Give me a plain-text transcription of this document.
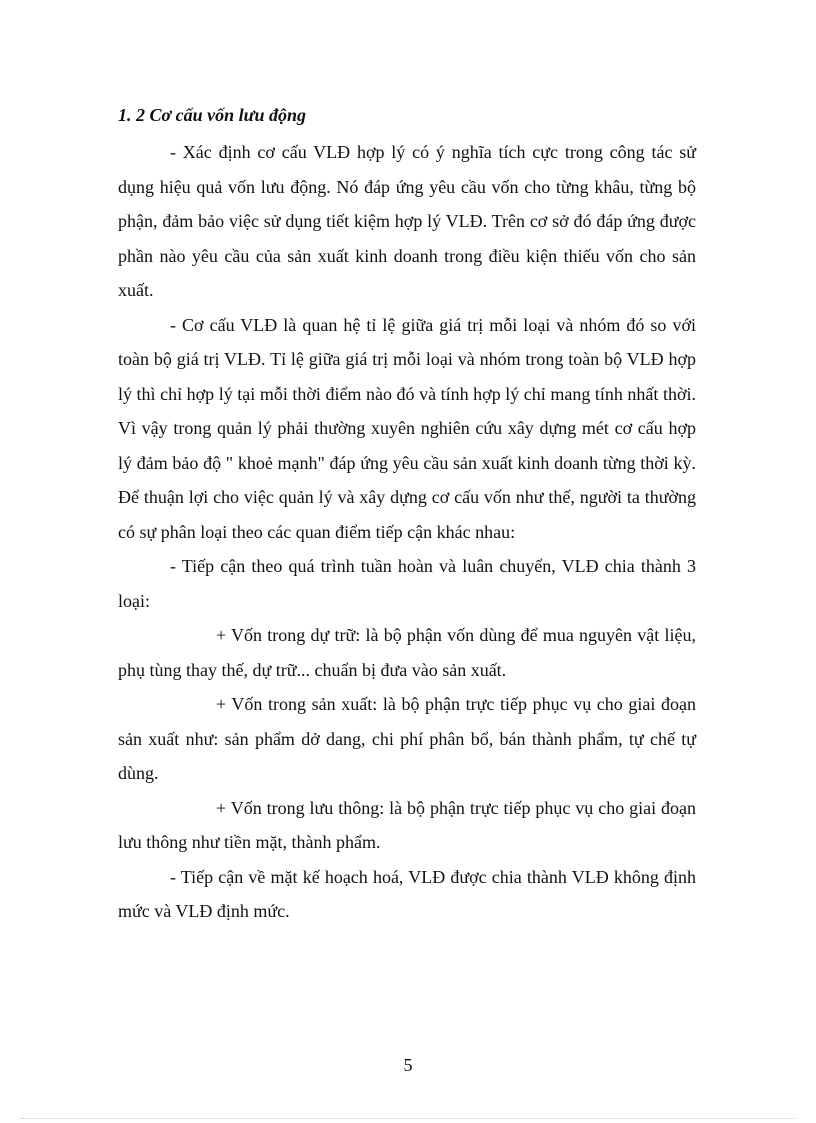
1. 2 Cơ cấu vốn lưu động

- Xác định cơ cấu VLĐ hợp lý có ý nghĩa tích cực trong công tác sử dụng hiệu quả vốn lưu động. Nó đáp ứng yêu cầu vốn cho từng khâu, từng bộ phận, đảm bảo việc sử dụng tiết kiệm hợp lý VLĐ. Trên cơ sở đó đáp ứng được phần nào yêu cầu của sản xuất kinh doanh trong điều kiện thiếu vốn cho sản xuất.

- Cơ cấu VLĐ là quan hệ tỉ lệ giữa giá trị mỗi loại và nhóm đó so với toàn bộ giá trị VLĐ. Tỉ lệ giữa giá trị mỗi loại và nhóm trong toàn bộ VLĐ hợp lý thì chỉ hợp lý tại mỗi thời điểm nào đó và tính hợp lý chỉ mang tính nhất thời. Vì vậy trong quản lý phải thường xuyên nghiên cứu xây dựng mét cơ cấu hợp lý đảm bảo độ " khoẻ mạnh" đáp ứng yêu cầu sản xuất kinh doanh từng thời kỳ. Để thuận lợi cho việc quản lý và xây dựng cơ cấu vốn như thế, người ta thường có sự phân loại theo các quan điểm tiếp cận khác nhau:

- Tiếp cận theo quá trình tuần hoàn và luân chuyển, VLĐ chia thành 3 loại:

+ Vốn trong dự trữ: là bộ phận vốn dùng để mua nguyên vật liệu, phụ tùng thay thế, dự trữ... chuẩn bị đưa vào sản xuất.

+ Vốn trong sản xuất: là bộ phận trực tiếp phục vụ cho giai đoạn sản xuất như: sản phẩm dở dang, chi phí phân bổ, bán thành phẩm, tự chế tự dùng.

+ Vốn trong lưu thông: là bộ phận trực tiếp phục vụ cho giai đoạn lưu thông như tiền mặt, thành phẩm.

- Tiếp cận về mặt kế hoạch hoá, VLĐ được chia thành VLĐ không định mức và VLĐ định mức.

5
